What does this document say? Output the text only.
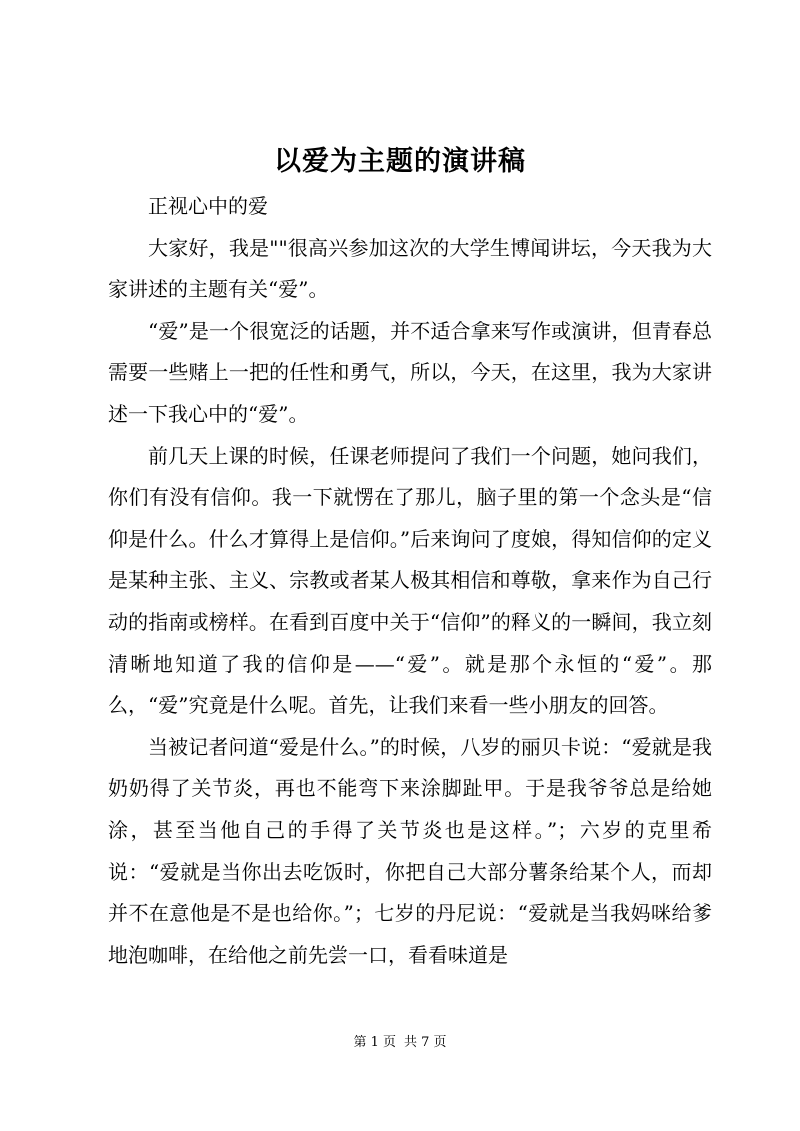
以爱为主题的演讲稿

正视心中的爱

大家好，我是""很高兴参加这次的大学生博闻讲坛，今天我为大家讲述的主题有关“爱”。

“爱”是一个很宽泛的话题，并不适合拿来写作或演讲，但青春总需要一些赌上一把的任性和勇气，所以，今天，在这里，我为大家讲述一下我心中的“爱”。

前几天上课的时候，任课老师提问了我们一个问题，她问我们，你们有没有信仰。我一下就愣在了那儿，脑子里的第一个念头是“信仰是什么。什么才算得上是信仰。”后来询问了度娘，得知信仰的定义是某种主张、主义、宗教或者某人极其相信和尊敬，拿来作为自己行动的指南或榜样。在看到百度中关于“信仰”的释义的一瞬间，我立刻清晰地知道了我的信仰是——“爱”。就是那个永恒的“爱”。那么，“爱”究竟是什么呢。首先，让我们来看一些小朋友的回答。

当被记者问道“爱是什么。”的时候，八岁的丽贝卡说：“爱就是我奶奶得了关节炎，再也不能弯下来涂脚趾甲。于是我爷爷总是给她涂，甚至当他自己的手得了关节炎也是这样。”；六岁的克里希说：“爱就是当你出去吃饭时，你把自己大部分薯条给某个人，而却并不在意他是不是也给你。”；七岁的丹尼说：“爱就是当我妈咪给爹地泡咖啡，在给他之前先尝一口，看看味道是

第 1 页 共 7 页
